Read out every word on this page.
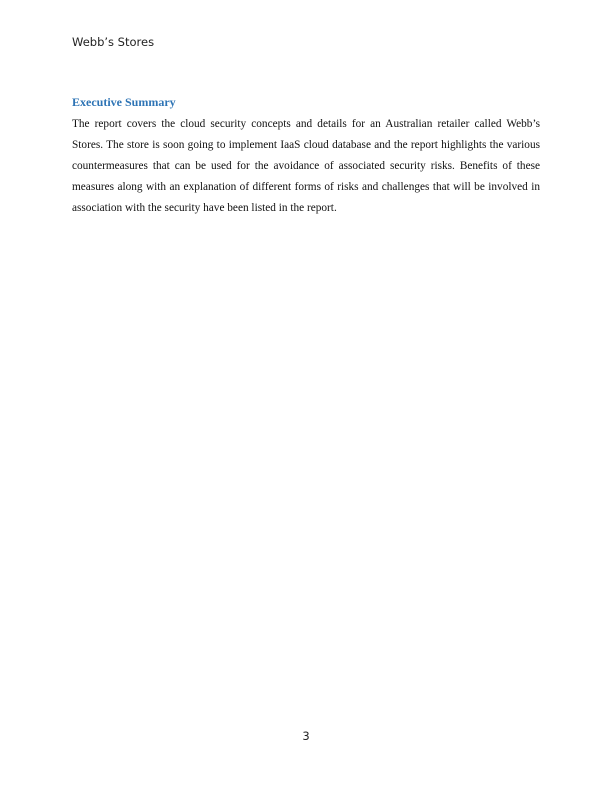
Webb’s Stores
Executive Summary

The report covers the cloud security concepts and details for an Australian retailer called Webb’s Stores. The store is soon going to implement IaaS cloud database and the report highlights the various countermeasures that can be used for the avoidance of associated security risks. Benefits of these measures along with an explanation of different forms of risks and challenges that will be involved in association with the security have been listed in the report.

3
